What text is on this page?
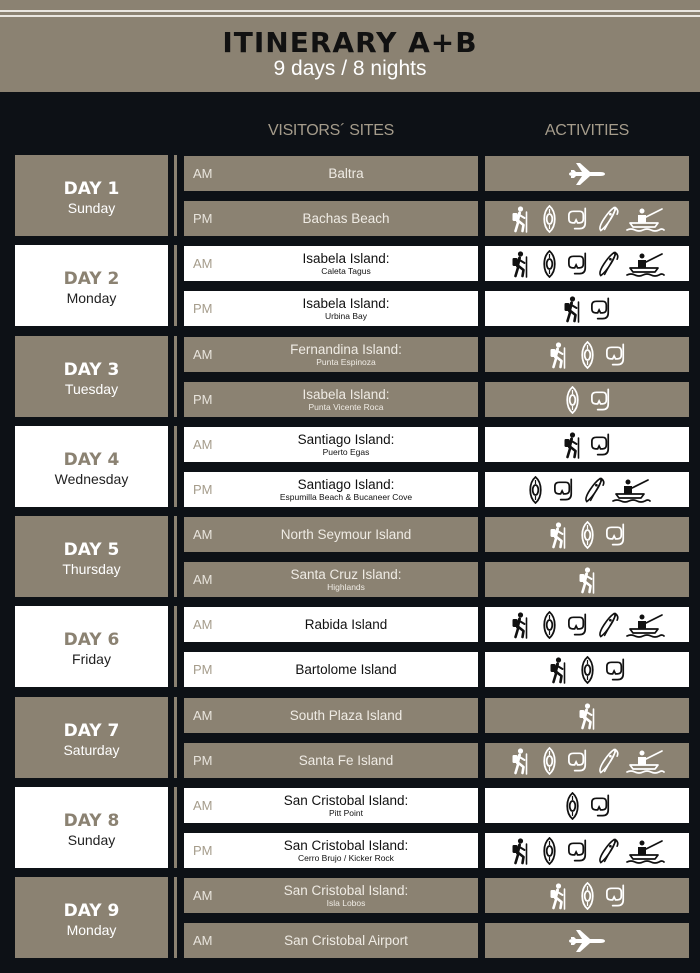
ITINERARY A+B
9 days / 8 nights
VISITORS´ SITES	ACTIVITIES
DAY 1
Sunday
AM	Baltra
PM	Bachas Beach
DAY 2
Monday
AM	Isabela Island:
Caleta Tagus
PM	Isabela Island:
Urbina Bay
DAY 3
Tuesday
AM	Fernandina Island:
Punta Espinoza
PM	Isabela Island:
Punta Vicente Roca
DAY 4
Wednesday
AM	Santiago Island:
Puerto Egas
PM	Santiago Island:
Espumilla Beach & Bucaneer Cove
DAY 5
Thursday
AM	North Seymour Island
AM	Santa Cruz Island:
Highlands
DAY 6
Friday
AM	Rabida Island
PM	Bartolome Island
DAY 7
Saturday
AM	South Plaza Island
PM	Santa Fe Island
DAY 8
Sunday
AM	San Cristobal Island:
Pitt Point
PM	San Cristobal Island:
Cerro Brujo / Kicker Rock
DAY 9
Monday
AM	San Cristobal Island:
Isla Lobos
AM	San Cristobal Airport
